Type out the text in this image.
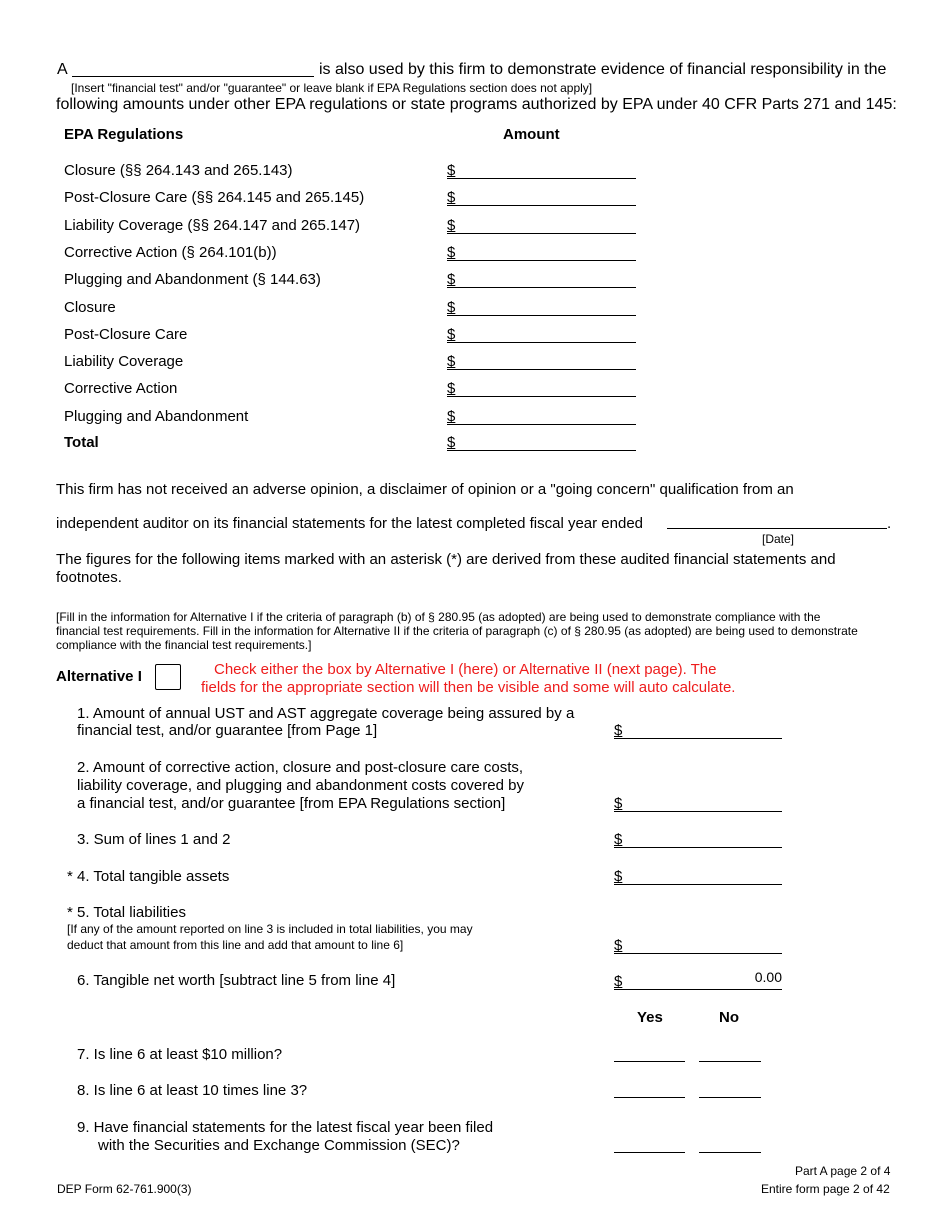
A	is also used by this firm to demonstrate evidence of financial responsibility in the
[Insert "financial test" and/or "guarantee" or leave blank if EPA Regulations section does not apply]
following amounts under other EPA regulations or state programs authorized by EPA under 40 CFR Parts 271 and 145:
EPA Regulations	Amount
Closure (§§ 264.143 and 265.143)	$
Post-Closure Care (§§ 264.145 and 265.145)	$
Liability Coverage (§§ 264.147 and 265.147)	$
Corrective Action (§ 264.101(b))	$
Plugging and Abandonment (§ 144.63)	$
Closure	$
Post-Closure Care	$
Liability Coverage	$
Corrective Action	$
Plugging and Abandonment	$
Total	$
This firm has not received an adverse opinion, a disclaimer of opinion or a "going concern" qualification from an
independent auditor on its financial statements for the latest completed fiscal year ended	.
[Date]
The figures for the following items marked with an asterisk (*) are derived from these audited financial statements and
footnotes.
[Fill in the information for Alternative I if the criteria of paragraph (b) of § 280.95 (as adopted) are being used to demonstrate compliance with the
financial test requirements. Fill in the information for Alternative II if the criteria of paragraph (c) of § 280.95 (as adopted) are being used to demonstrate
compliance with the financial test requirements.]
Alternative I	Check either the box by Alternative I (here) or Alternative II (next page). The
fields for the appropriate section will then be visible and some will auto calculate.
1. Amount of annual UST and AST aggregate coverage being assured by a
financial test, and/or guarantee [from Page 1]	$
2. Amount of corrective action, closure and post-closure care costs,
liability coverage, and plugging and abandonment costs covered by
a financial test, and/or guarantee [from EPA Regulations section]	$
3. Sum of lines 1 and 2	$
* 4. Total tangible assets	$
* 5. Total liabilities
[If any of the amount reported on line 3 is included in total liabilities, you may
deduct that amount from this line and add that amount to line 6]	$
6. Tangible net worth [subtract line 5 from line 4]	$	0.00
Yes	No
7. Is line 6 at least $10 million?
8. Is line 6 at least 10 times line 3?
9. Have financial statements for the latest fiscal year been filed
with the Securities and Exchange Commission (SEC)?
Part A page 2 of 4
DEP Form 62-761.900(3)	Entire form page 2 of 42
